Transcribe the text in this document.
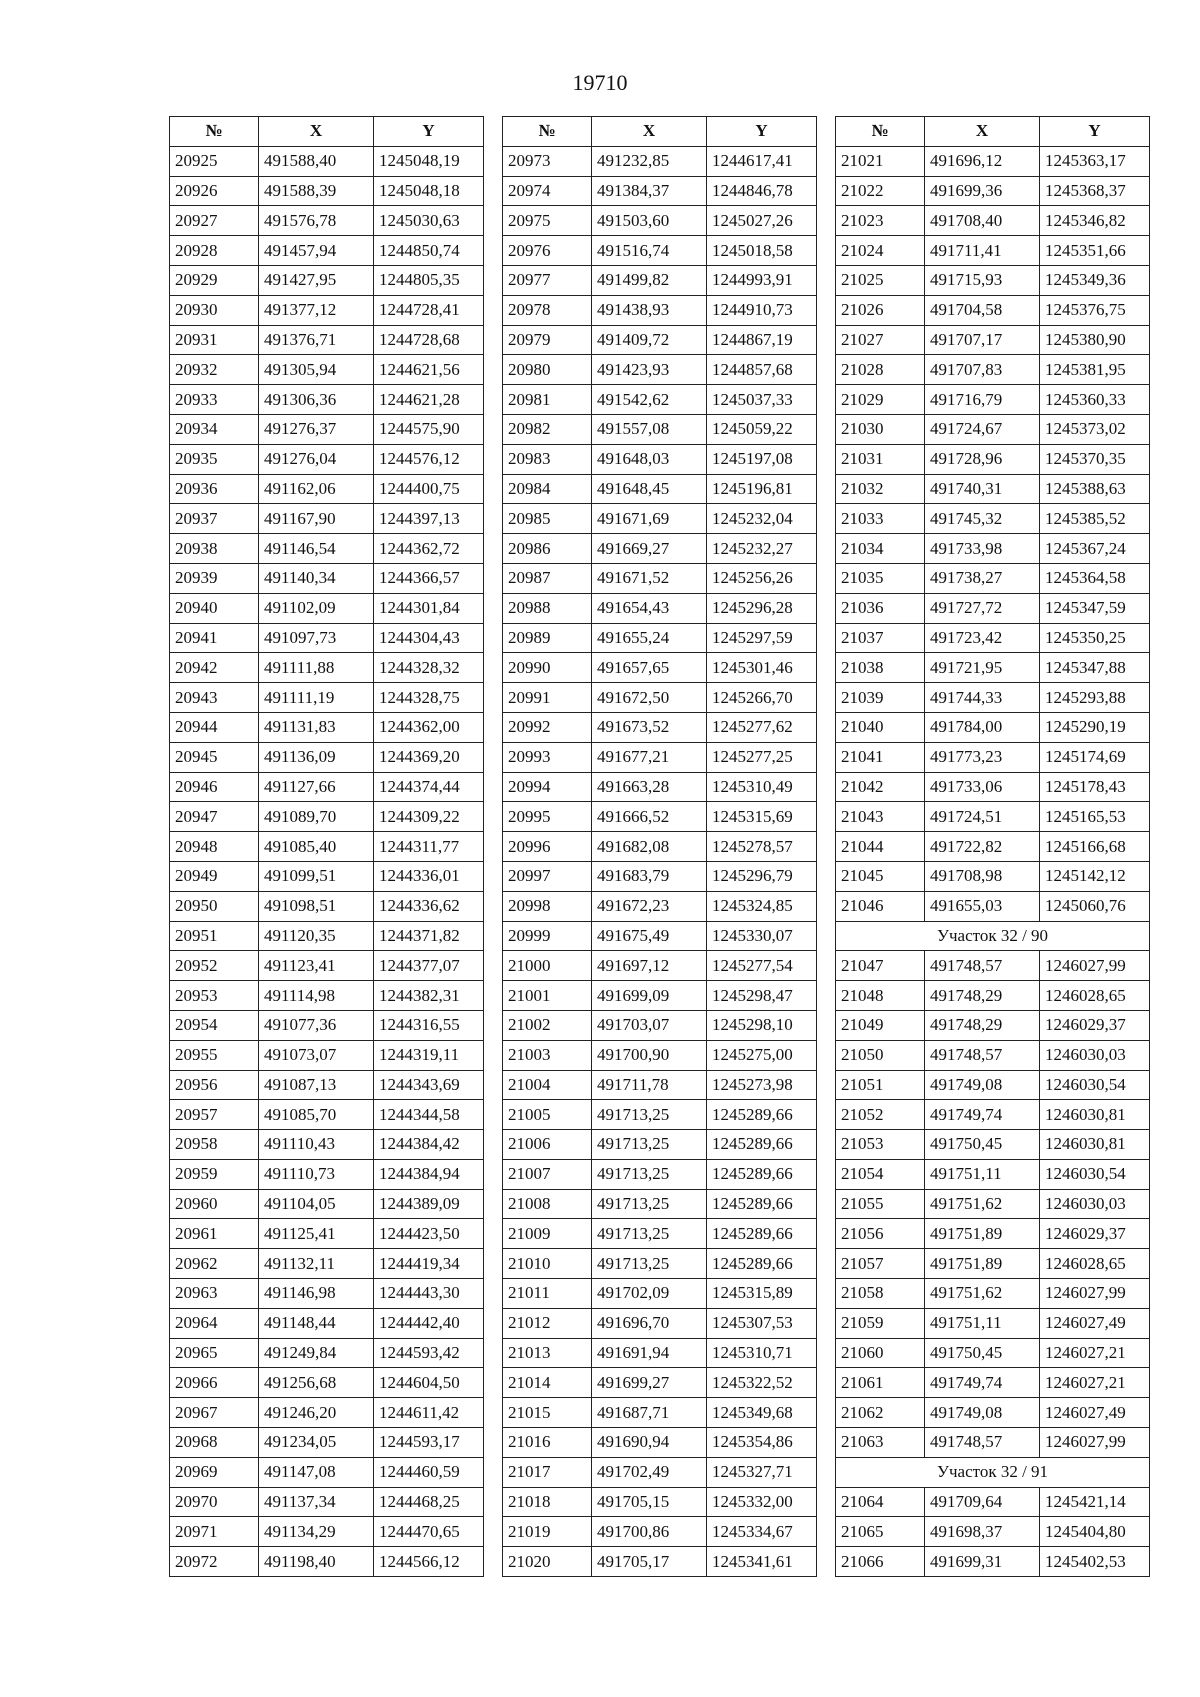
19710
№	X	Y
20925	491588,40	1245048,19
20926	491588,39	1245048,18
20927	491576,78	1245030,63
20928	491457,94	1244850,74
20929	491427,95	1244805,35
20930	491377,12	1244728,41
20931	491376,71	1244728,68
20932	491305,94	1244621,56
20933	491306,36	1244621,28
20934	491276,37	1244575,90
20935	491276,04	1244576,12
20936	491162,06	1244400,75
20937	491167,90	1244397,13
20938	491146,54	1244362,72
20939	491140,34	1244366,57
20940	491102,09	1244301,84
20941	491097,73	1244304,43
20942	491111,88	1244328,32
20943	491111,19	1244328,75
20944	491131,83	1244362,00
20945	491136,09	1244369,20
20946	491127,66	1244374,44
20947	491089,70	1244309,22
20948	491085,40	1244311,77
20949	491099,51	1244336,01
20950	491098,51	1244336,62
20951	491120,35	1244371,82
20952	491123,41	1244377,07
20953	491114,98	1244382,31
20954	491077,36	1244316,55
20955	491073,07	1244319,11
20956	491087,13	1244343,69
20957	491085,70	1244344,58
20958	491110,43	1244384,42
20959	491110,73	1244384,94
20960	491104,05	1244389,09
20961	491125,41	1244423,50
20962	491132,11	1244419,34
20963	491146,98	1244443,30
20964	491148,44	1244442,40
20965	491249,84	1244593,42
20966	491256,68	1244604,50
20967	491246,20	1244611,42
20968	491234,05	1244593,17
20969	491147,08	1244460,59
20970	491137,34	1244468,25
20971	491134,29	1244470,65
20972	491198,40	1244566,12
№	X	Y
20973	491232,85	1244617,41
20974	491384,37	1244846,78
20975	491503,60	1245027,26
20976	491516,74	1245018,58
20977	491499,82	1244993,91
20978	491438,93	1244910,73
20979	491409,72	1244867,19
20980	491423,93	1244857,68
20981	491542,62	1245037,33
20982	491557,08	1245059,22
20983	491648,03	1245197,08
20984	491648,45	1245196,81
20985	491671,69	1245232,04
20986	491669,27	1245232,27
20987	491671,52	1245256,26
20988	491654,43	1245296,28
20989	491655,24	1245297,59
20990	491657,65	1245301,46
20991	491672,50	1245266,70
20992	491673,52	1245277,62
20993	491677,21	1245277,25
20994	491663,28	1245310,49
20995	491666,52	1245315,69
20996	491682,08	1245278,57
20997	491683,79	1245296,79
20998	491672,23	1245324,85
20999	491675,49	1245330,07
21000	491697,12	1245277,54
21001	491699,09	1245298,47
21002	491703,07	1245298,10
21003	491700,90	1245275,00
21004	491711,78	1245273,98
21005	491713,25	1245289,66
21006	491713,25	1245289,66
21007	491713,25	1245289,66
21008	491713,25	1245289,66
21009	491713,25	1245289,66
21010	491713,25	1245289,66
21011	491702,09	1245315,89
21012	491696,70	1245307,53
21013	491691,94	1245310,71
21014	491699,27	1245322,52
21015	491687,71	1245349,68
21016	491690,94	1245354,86
21017	491702,49	1245327,71
21018	491705,15	1245332,00
21019	491700,86	1245334,67
21020	491705,17	1245341,61
№	X	Y
21021	491696,12	1245363,17
21022	491699,36	1245368,37
21023	491708,40	1245346,82
21024	491711,41	1245351,66
21025	491715,93	1245349,36
21026	491704,58	1245376,75
21027	491707,17	1245380,90
21028	491707,83	1245381,95
21029	491716,79	1245360,33
21030	491724,67	1245373,02
21031	491728,96	1245370,35
21032	491740,31	1245388,63
21033	491745,32	1245385,52
21034	491733,98	1245367,24
21035	491738,27	1245364,58
21036	491727,72	1245347,59
21037	491723,42	1245350,25
21038	491721,95	1245347,88
21039	491744,33	1245293,88
21040	491784,00	1245290,19
21041	491773,23	1245174,69
21042	491733,06	1245178,43
21043	491724,51	1245165,53
21044	491722,82	1245166,68
21045	491708,98	1245142,12
21046	491655,03	1245060,76
Участок 32 / 90		
21047	491748,57	1246027,99
21048	491748,29	1246028,65
21049	491748,29	1246029,37
21050	491748,57	1246030,03
21051	491749,08	1246030,54
21052	491749,74	1246030,81
21053	491750,45	1246030,81
21054	491751,11	1246030,54
21055	491751,62	1246030,03
21056	491751,89	1246029,37
21057	491751,89	1246028,65
21058	491751,62	1246027,99
21059	491751,11	1246027,49
21060	491750,45	1246027,21
21061	491749,74	1246027,21
21062	491749,08	1246027,49
21063	491748,57	1246027,99
Участок 32 / 91		
21064	491709,64	1245421,14
21065	491698,37	1245404,80
21066	491699,31	1245402,53
